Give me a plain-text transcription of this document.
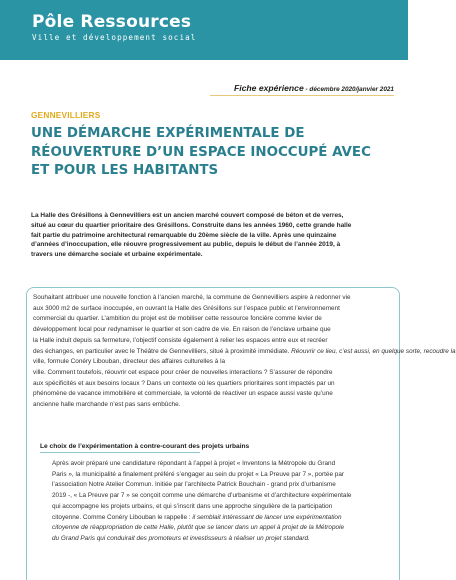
Pôle Ressources
Ville et développement social
Fiche expérience - décembre 2020/janvier 2021
GENNEVILLIERS
UNE DÉMARCHE EXPÉRIMENTALE DE
RÉOUVERTURE D’UN ESPACE INOCCUPÉ AVEC
ET POUR LES HABITANTS
La Halle des Grésillons à Gennevilliers est un ancien marché couvert composé de béton et de verres,
situé au cœur du quartier prioritaire des Grésillons. Construite dans les années 1960, cette grande halle
fait partie du patrimoine architectural remarquable du 20ème siècle de la ville. Après une quinzaine
d’années d’inoccupation, elle réouvre progressivement au public, depuis le début de l’année 2019, à
travers une démarche sociale et urbaine expérimentale.
Souhaitant attribuer une nouvelle fonction à l’ancien marché, la commune de Gennevilliers aspire à redonner vie
aux 3000 m2 de surface inoccupée, en ouvrant la Halle des Grésillons sur l’espace public et l’environnement
commercial du quartier. L’ambition du projet est de mobiliser cette ressource foncière comme levier de
développement local pour redynamiser le quartier et son cadre de vie. En raison de l’enclave urbaine que
la Halle induit depuis sa fermeture, l’objectif consiste également à relier les espaces entre eux et recréer
des échanges, en particulier avec le Théâtre de Gennevilliers, situé à proximité immédiate. Réouvrir ce lieu, c’est aussi, en quelque sorte, recoudre la
ville, formule Conéry Libouban, directeur des affaires culturelles à la
ville. Comment toutefois, réouvrir cet espace pour créer de nouvelles interactions ? S’assurer de répondre
aux spécificités et aux besoins locaux ? Dans un contexte où les quartiers prioritaires sont impactés par un
phénomène de vacance immobilière et commerciale, la volonté de réactiver un espace aussi vaste qu’une
ancienne halle marchande n’est pas sans embûche.
Le choix de l’expérimentation à contre-courant des projets urbains
Après avoir préparé une candidature répondant à l’appel à projet « Inventons la Métropole du Grand
Paris », la municipalité a finalement préféré s’engager au sein du projet « La Preuve par 7 », portée par
l’association Notre Atelier Commun. Initiée par l’architecte Patrick Bouchain - grand prix d’urbanisme
2019 -, « La Preuve par 7 » se conçoit comme une démarche d’urbanisme et d’architecture expérimentale
qui accompagne les projets urbains, et qui s’inscrit dans une approche singulière de la participation
citoyenne. Comme Conéry Libouban le rappelle : il semblait intéressant de lancer une expérimentation
citoyenne de réappropriation de cette Halle, plutôt que se lancer dans un appel à projet de la Métropole
du Grand Paris qui conduirait des promoteurs et investisseurs à réaliser un projet standard.
